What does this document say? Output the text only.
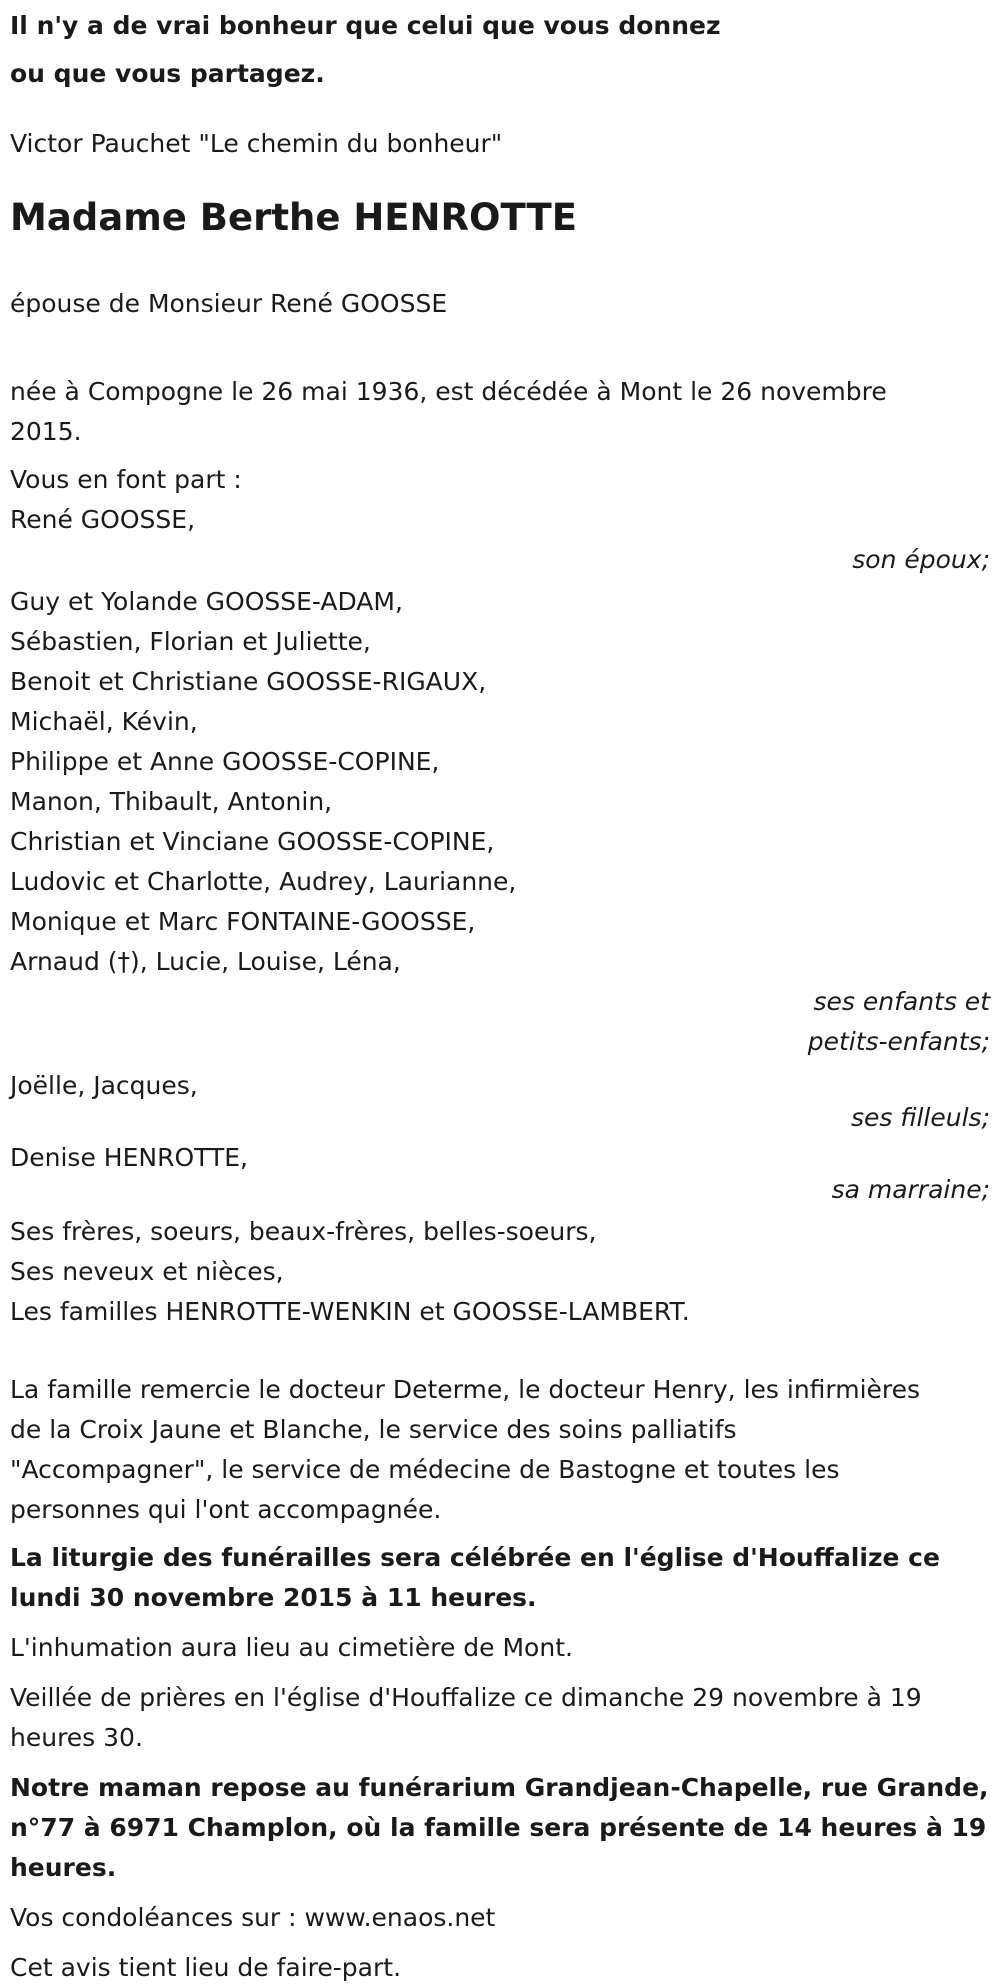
Il n'y a de vrai bonheur que celui que vous donnez

ou que vous partagez.

Victor Pauchet "Le chemin du bonheur"

Madame Berthe HENROTTE

épouse de Monsieur René GOOSSE

née à Compogne le 26 mai 1936, est décédée à Mont le 26 novembre
2015.
Vous en font part :
René GOOSSE,
son époux;
Guy et Yolande GOOSSE-ADAM,
Sébastien, Florian et Juliette,
Benoit et Christiane GOOSSE-RIGAUX,
Michaël, Kévin,
Philippe et Anne GOOSSE-COPINE,
Manon, Thibault, Antonin,
Christian et Vinciane GOOSSE-COPINE,
Ludovic et Charlotte, Audrey, Laurianne,
Monique et Marc FONTAINE-GOOSSE,
Arnaud (†), Lucie, Louise, Léna,
ses enfants et
petits-enfants;
Joëlle, Jacques,
ses filleuls;
Denise HENROTTE,
sa marraine;
Ses frères, soeurs, beaux-frères, belles-soeurs,
Ses neveux et nièces,
Les familles HENROTTE-WENKIN et GOOSSE-LAMBERT.
La famille remercie le docteur Determe, le docteur Henry, les infirmières
de la Croix Jaune et Blanche, le service des soins palliatifs
"Accompagner", le service de médecine de Bastogne et toutes les
personnes qui l'ont accompagnée.
La liturgie des funérailles sera célébrée en l'église d'Houffalize ce
lundi 30 novembre 2015 à 11 heures.
L'inhumation aura lieu au cimetière de Mont.
Veillée de prières en l'église d'Houffalize ce dimanche 29 novembre à 19
heures 30.
Notre maman repose au funérarium Grandjean-Chapelle, rue Grande,
n°77 à 6971 Champlon, où la famille sera présente de 14 heures à 19
heures.
Vos condoléances sur : www.enaos.net
Cet avis tient lieu de faire-part.
